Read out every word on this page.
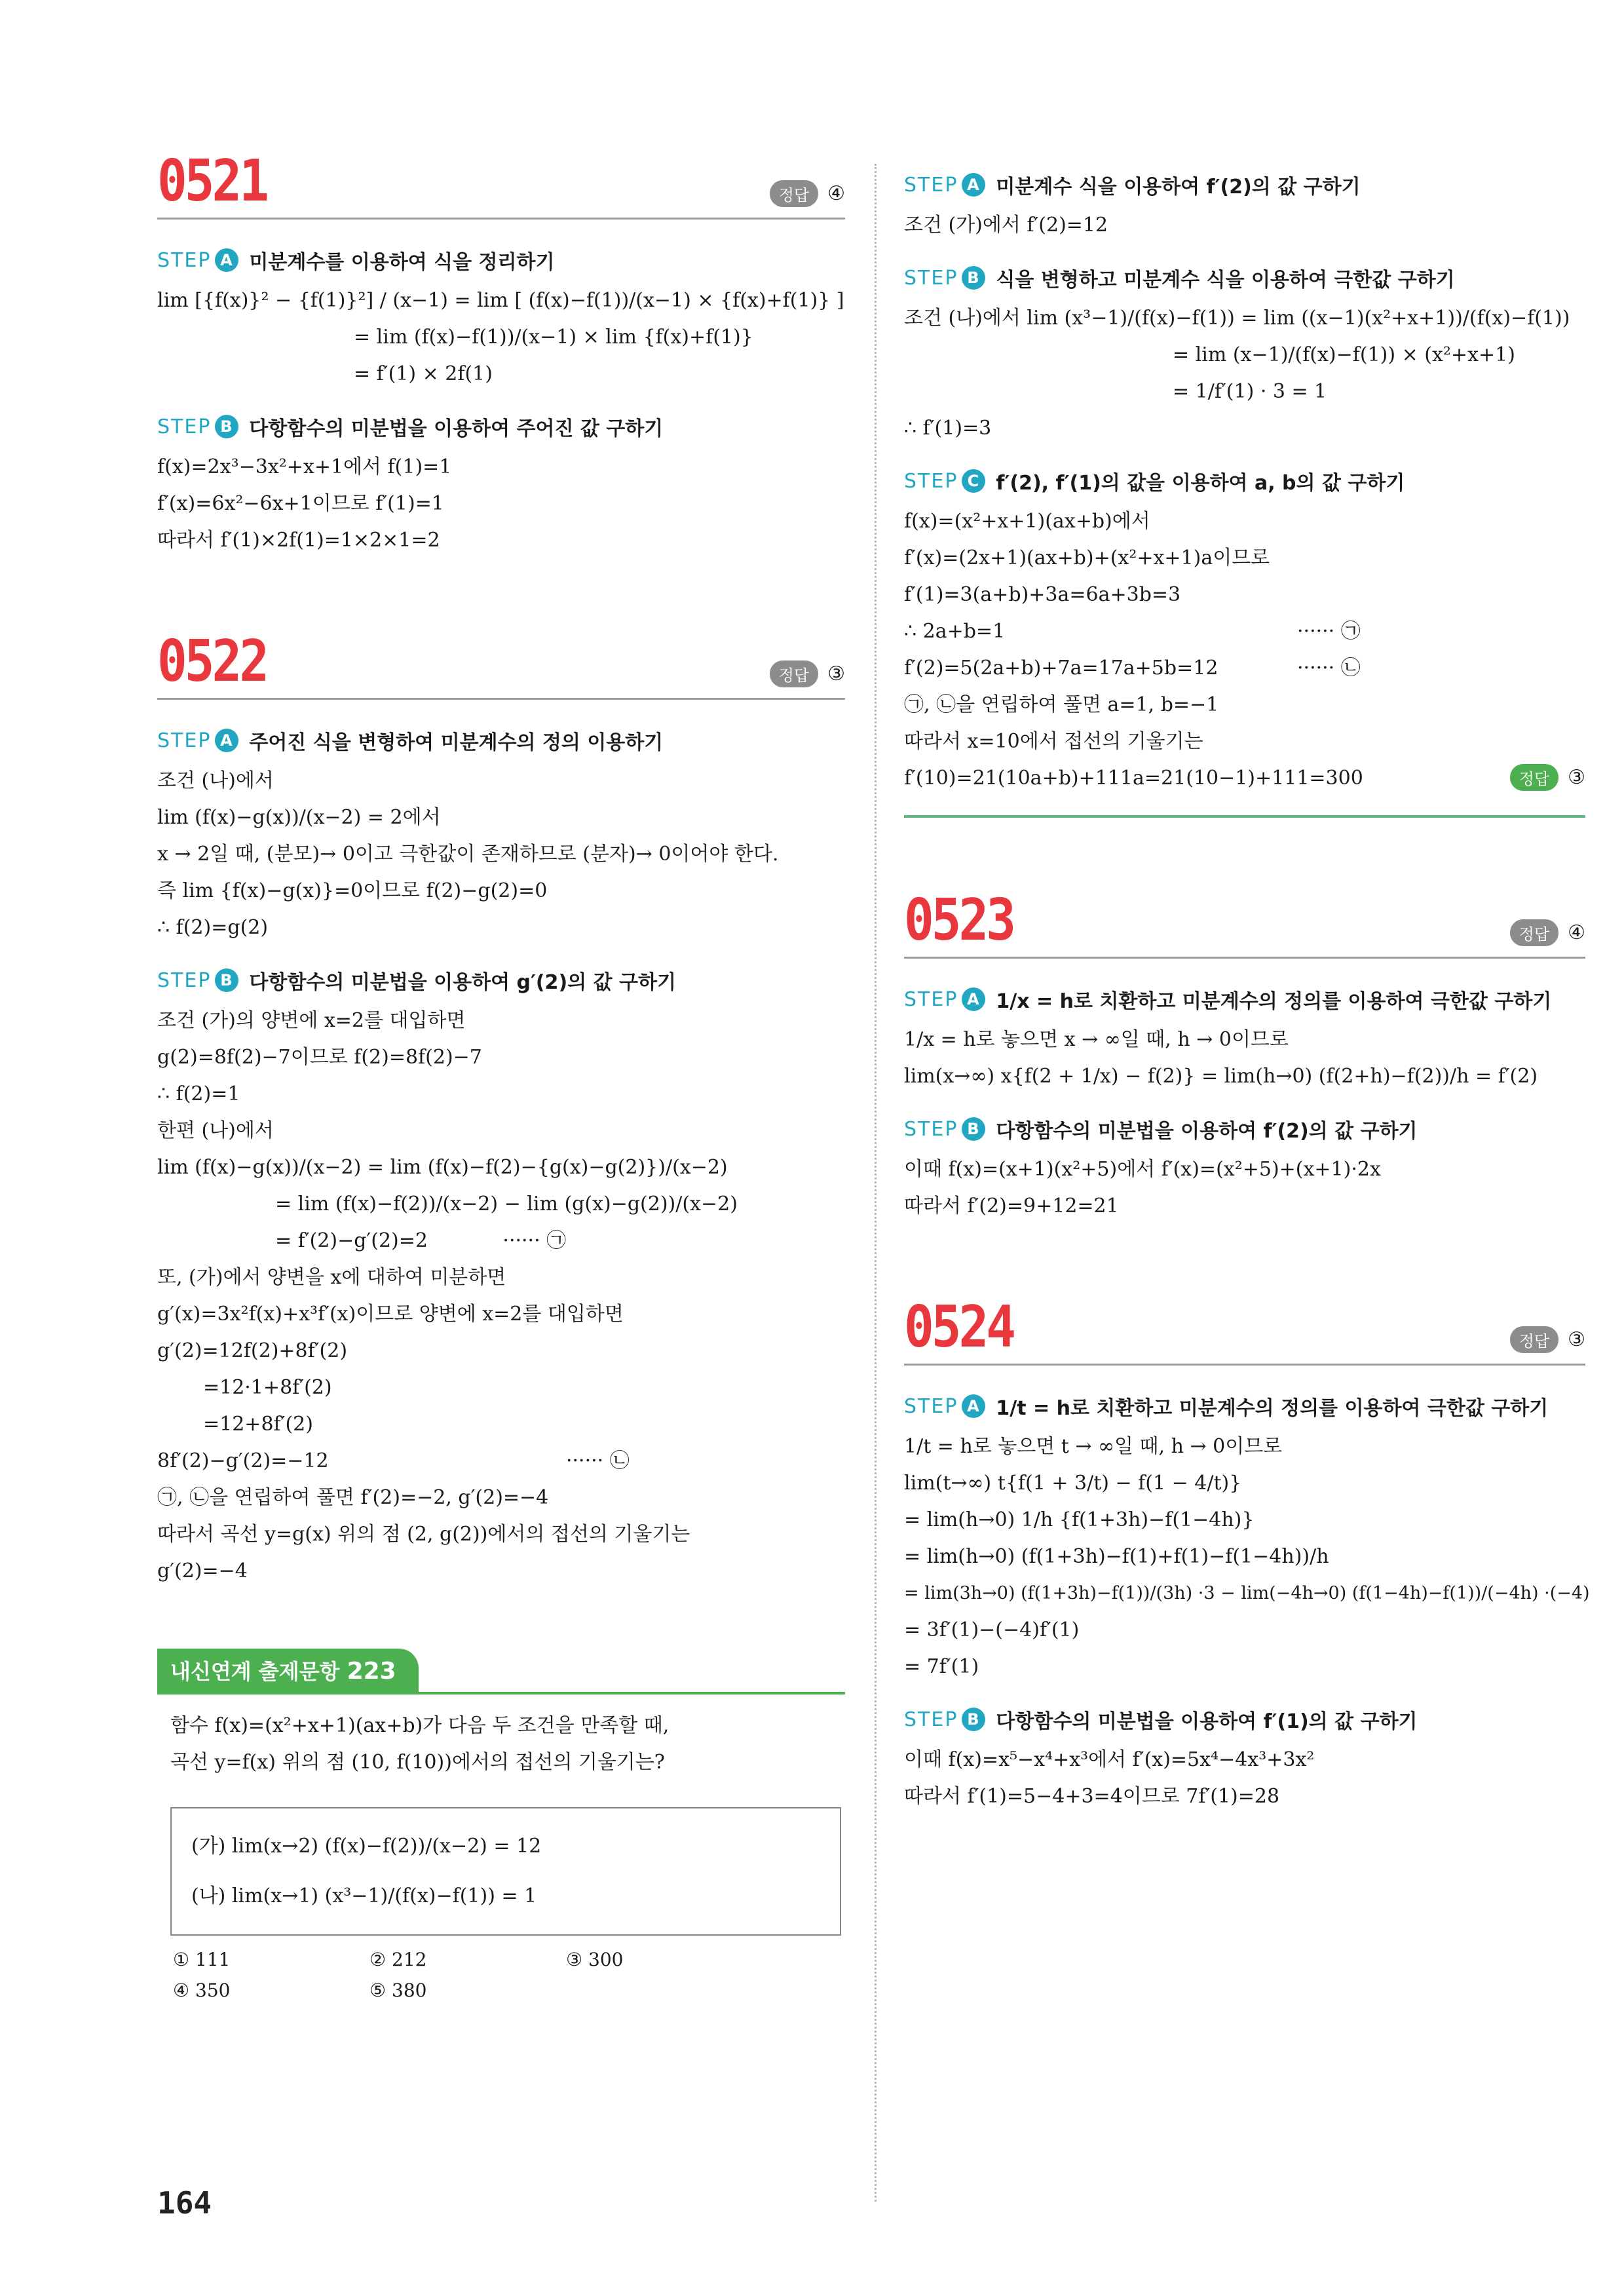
0521	정답 ④
STEP A 미분계수를 이용하여 식을 정리하기
lim [{f(x)}² − {f(1)}²] / (x−1) = lim [ (f(x)−f(1))/(x−1) × {f(x)+f(1)} ]
= lim (f(x)−f(1))/(x−1) × lim {f(x)+f(1)}
= f′(1) × 2f(1)
STEP B 다항함수의 미분법을 이용하여 주어진 값 구하기
f(x)=2x³−3x²+x+1에서 f(1)=1
f′(x)=6x²−6x+1이므로 f′(1)=1
따라서 f′(1)×2f(1)=1×2×1=2
0522	정답 ③
STEP A 주어진 식을 변형하여 미분계수의 정의 이용하기
조건 (나)에서
lim (f(x)−g(x))/(x−2) = 2에서
x → 2일 때, (분모)→ 0이고 극한값이 존재하므로 (분자)→ 0이어야 한다.
즉 lim {f(x)−g(x)}=0이므로 f(2)−g(2)=0
∴ f(2)=g(2)
STEP B 다항함수의 미분법을 이용하여 g′(2)의 값 구하기
조건 (가)의 양변에 x=2를 대입하면
g(2)=8f(2)−7이므로 f(2)=8f(2)−7
∴ f(2)=1
한편 (나)에서
lim (f(x)−g(x))/(x−2) = lim (f(x)−f(2)−{g(x)−g(2)})/(x−2)
= lim (f(x)−f(2))/(x−2) − lim (g(x)−g(2))/(x−2)
= f′(2)−g′(2)=2	······ ㉠
또, (가)에서 양변을 x에 대하여 미분하면
g′(x)=3x²f(x)+x³f′(x)이므로 양변에 x=2를 대입하면
g′(2)=12f(2)+8f′(2)
=12·1+8f′(2)
=12+8f′(2)
8f′(2)−g′(2)=−12	······ ㉡
㉠, ㉡을 연립하여 풀면 f′(2)=−2, g′(2)=−4
따라서 곡선 y=g(x) 위의 점 (2, g(2))에서의 접선의 기울기는
g′(2)=−4
내신연계 출제문항 223
함수 f(x)=(x²+x+1)(ax+b)가 다음 두 조건을 만족할 때,
곡선 y=f(x) 위의 점 (10, f(10))에서의 접선의 기울기는?
(가) lim(x→2) (f(x)−f(2))/(x−2) = 12
(나) lim(x→1) (x³−1)/(f(x)−f(1)) = 1
① 111	② 212	③ 300
④ 350	⑤ 380
164
STEP A 미분계수 식을 이용하여 f′(2)의 값 구하기
조건 (가)에서 f′(2)=12
STEP B 식을 변형하고 미분계수 식을 이용하여 극한값 구하기
조건 (나)에서 lim (x³−1)/(f(x)−f(1)) = lim ((x−1)(x²+x+1))/(f(x)−f(1))
= lim (x−1)/(f(x)−f(1)) × (x²+x+1)
= 1/f′(1) · 3 = 1
∴ f′(1)=3
STEP C f′(2), f′(1)의 값을 이용하여 a, b의 값 구하기
f(x)=(x²+x+1)(ax+b)에서
f′(x)=(2x+1)(ax+b)+(x²+x+1)a이므로
f′(1)=3(a+b)+3a=6a+3b=3
∴ 2a+b=1	······ ㉠
f′(2)=5(2a+b)+7a=17a+5b=12	······ ㉡
㉠, ㉡을 연립하여 풀면 a=1, b=−1
따라서 x=10에서 접선의 기울기는
f′(10)=21(10a+b)+111a=21(10−1)+111=300	정답 ③
0523	정답 ④
STEP A 1/x = h로 치환하고 미분계수의 정의를 이용하여 극한값 구하기
1/x = h로 놓으면 x → ∞일 때, h → 0이므로
lim(x→∞) x{f(2 + 1/x) − f(2)} = lim(h→0) (f(2+h)−f(2))/h = f′(2)
STEP B 다항함수의 미분법을 이용하여 f′(2)의 값 구하기
이때 f(x)=(x+1)(x²+5)에서 f′(x)=(x²+5)+(x+1)·2x
따라서 f′(2)=9+12=21
0524	정답 ③
STEP A 1/t = h로 치환하고 미분계수의 정의를 이용하여 극한값 구하기
1/t = h로 놓으면 t → ∞일 때, h → 0이므로
lim(t→∞) t{f(1 + 3/t) − f(1 − 4/t)}
= lim(h→0) 1/h {f(1+3h)−f(1−4h)}
= lim(h→0) (f(1+3h)−f(1)+f(1)−f(1−4h))/h
= lim(3h→0) (f(1+3h)−f(1))/(3h) ·3 − lim(−4h→0) (f(1−4h)−f(1))/(−4h) ·(−4)
= 3f′(1)−(−4)f′(1)
= 7f′(1)
STEP B 다항함수의 미분법을 이용하여 f′(1)의 값 구하기
이때 f(x)=x⁵−x⁴+x³에서 f′(x)=5x⁴−4x³+3x²
따라서 f′(1)=5−4+3=4이므로 7f′(1)=28
